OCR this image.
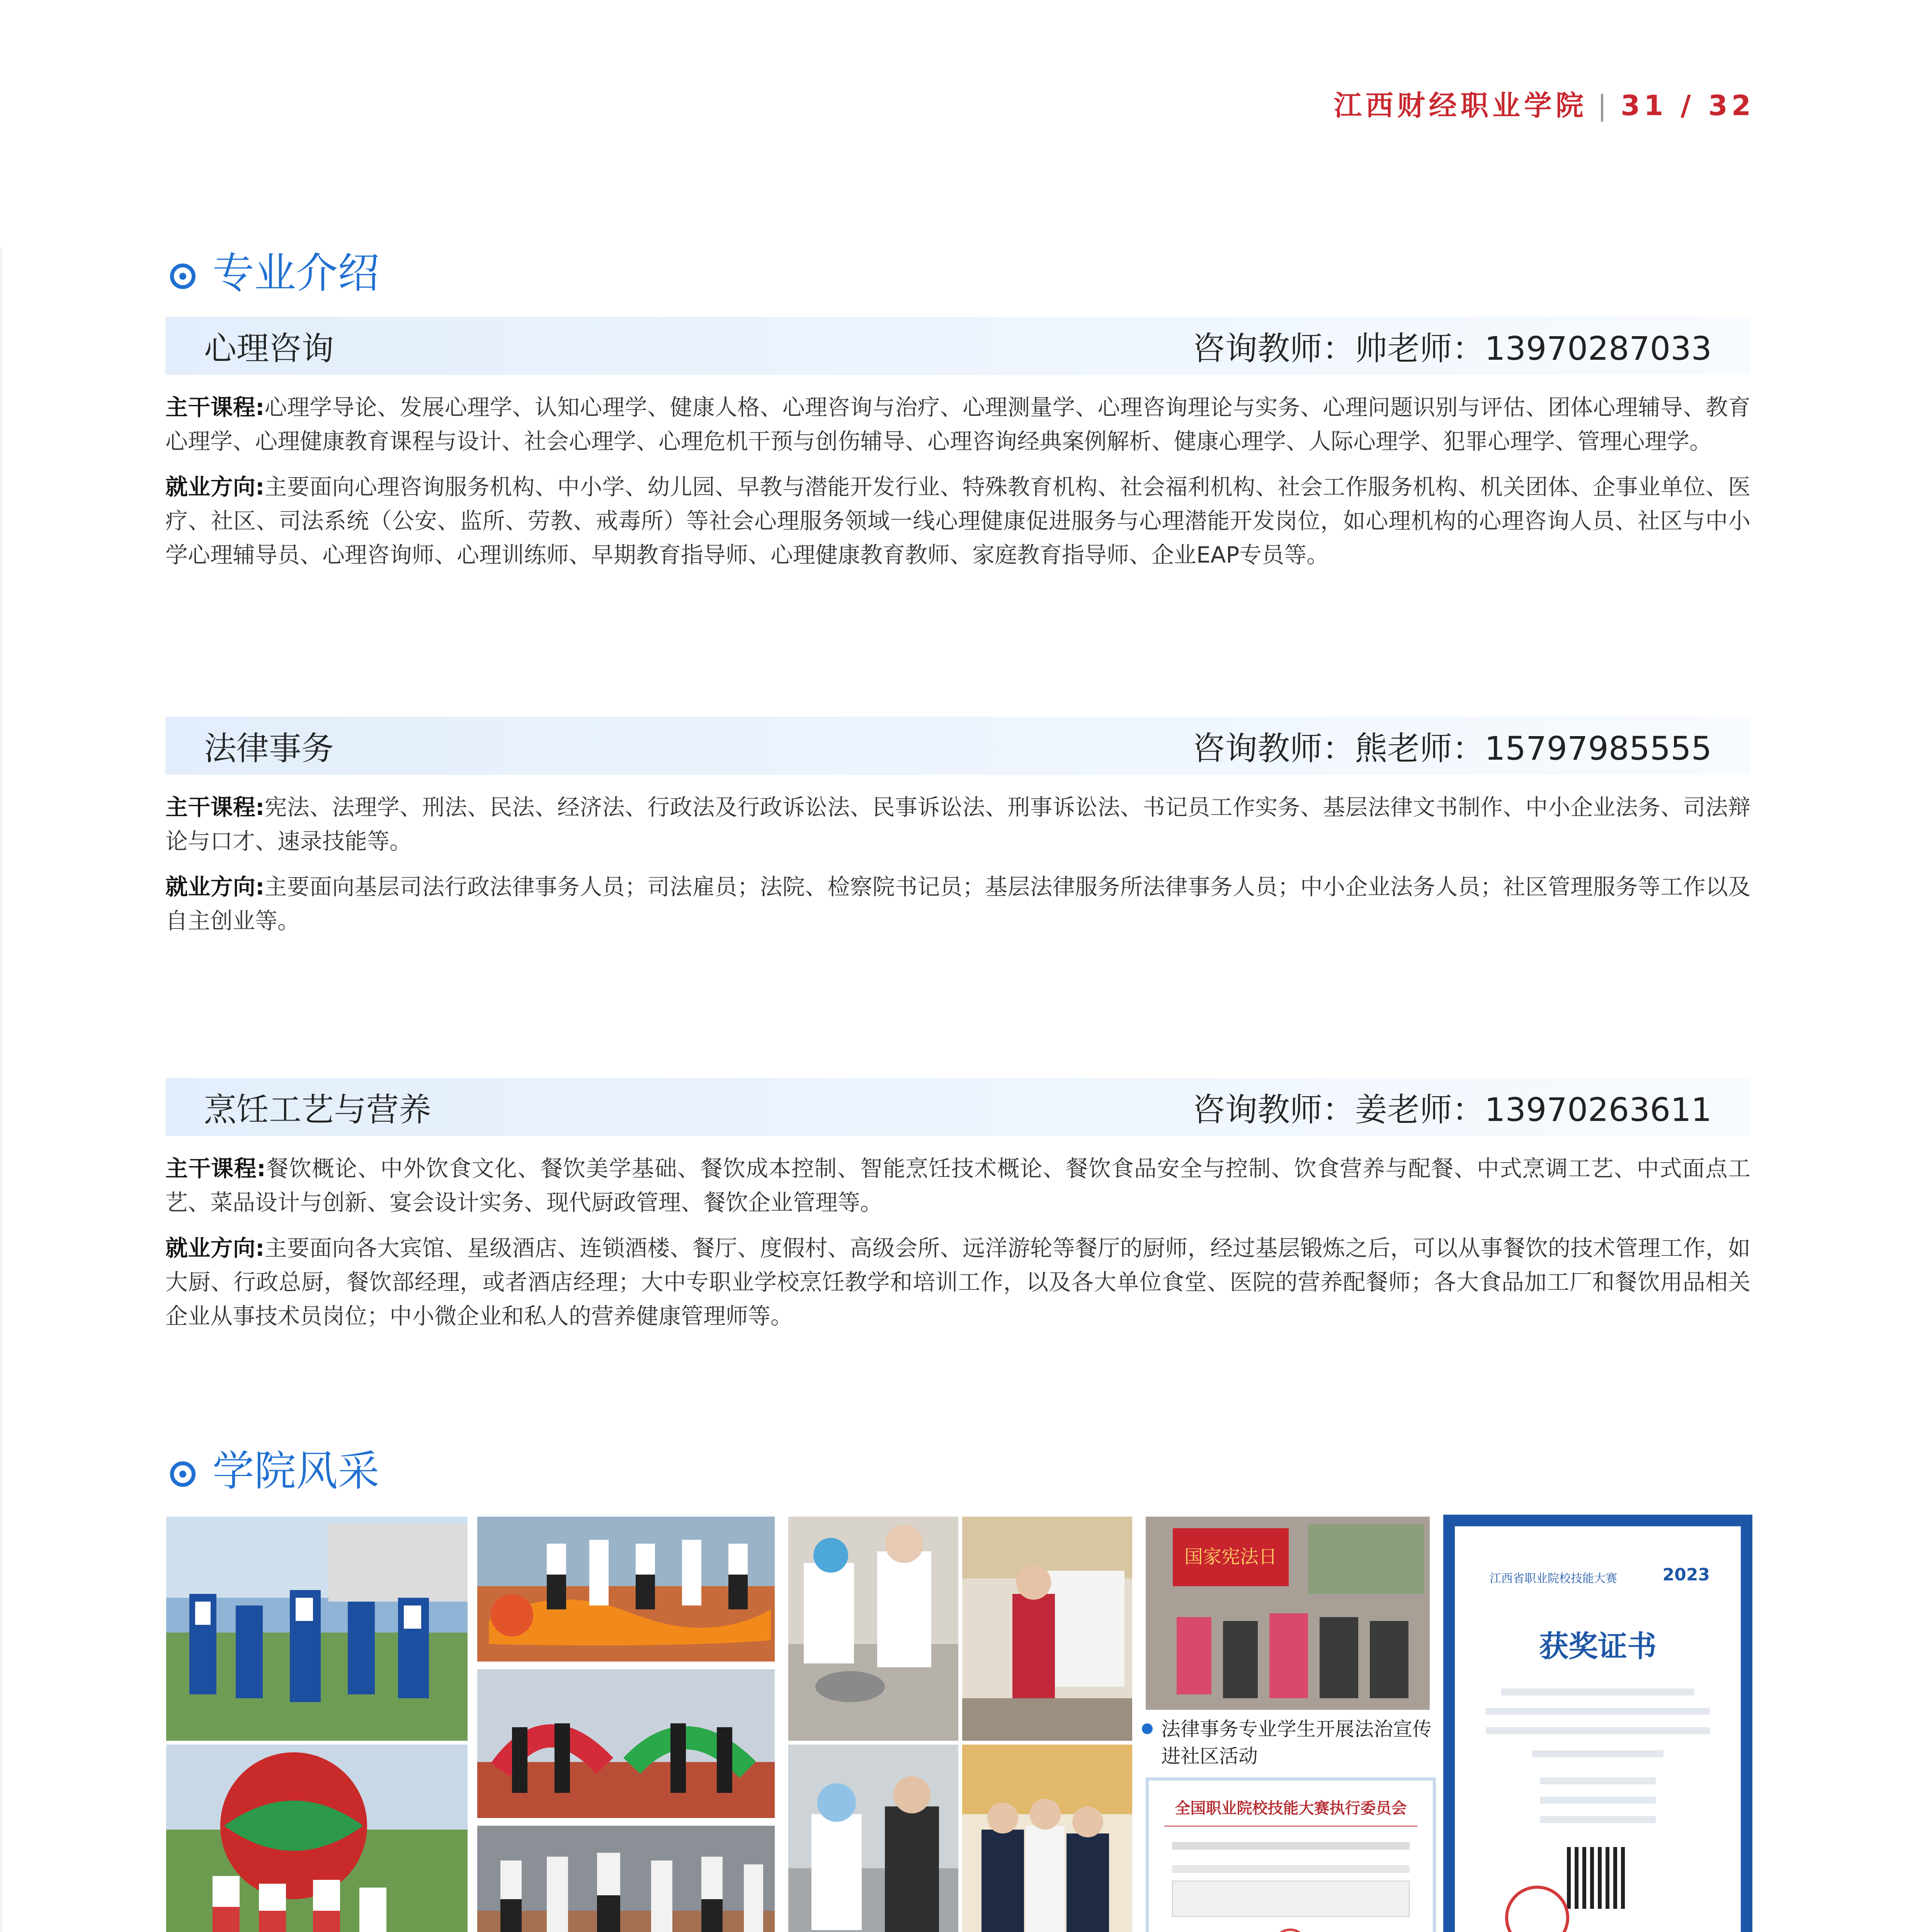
江西财经职业学院 | 31 / 32
专业介绍
心理咨询	咨询教师：帅老师：13970287033
主干课程:心理学导论、发展心理学、认知心理学、健康人格、心理咨询与治疗、心理测量学、心理咨询理论与实务、心理问题识别与评估、团体心理辅导、教育心理学、心理健康教育课程与设计、社会心理学、心理危机干预与创伤辅导、心理咨询经典案例解析、健康心理学、人际心理学、犯罪心理学、管理心理学。
就业方向:主要面向心理咨询服务机构、中小学、幼儿园、早教与潜能开发行业、特殊教育机构、社会福利机构、社会工作服务机构、机关团体、企事业单位、医疗、社区、司法系统（公安、监所、劳教、戒毒所）等社会心理服务领域一线心理健康促进服务与心理潜能开发岗位，如心理机构的心理咨询人员、社区与中小学心理辅导员、心理咨询师、心理训练师、早期教育指导师、心理健康教育教师、家庭教育指导师、企业EAP专员等。
法律事务	咨询教师：熊老师：15797985555
主干课程:宪法、法理学、刑法、民法、经济法、行政法及行政诉讼法、民事诉讼法、刑事诉讼法、书记员工作实务、基层法律文书制作、中小企业法务、司法辩论与口才、速录技能等。
就业方向:主要面向基层司法行政法律事务人员；司法雇员；法院、检察院书记员；基层法律服务所法律事务人员；中小企业法务人员；社区管理服务等工作以及自主创业等。
烹饪工艺与营养	咨询教师：姜老师：13970263611
主干课程:餐饮概论、中外饮食文化、餐饮美学基础、餐饮成本控制、智能烹饪技术概论、餐饮食品安全与控制、饮食营养与配餐、中式烹调工艺、中式面点工艺、菜品设计与创新、宴会设计实务、现代厨政管理、餐饮企业管理等。
就业方向:主要面向各大宾馆、星级酒店、连锁酒楼、餐厅、度假村、高级会所、远洋游轮等餐厅的厨师，经过基层锻炼之后，可以从事餐饮的技术管理工作，如大厨、行政总厨，餐饮部经理，或者酒店经理；大中专职业学校烹饪教学和培训工作，以及各大单位食堂、医院的营养配餐师；各大食品加工厂和餐饮用品相关企业从事技术员岗位；中小微企业和私人的营养健康管理师等。
学院风采
国家宪法日
全国职业院校技能大赛执行委员会
江西省职业院校技能大赛	2023
获奖证书
法律事务专业学生开展法治宣传
进社区活动
